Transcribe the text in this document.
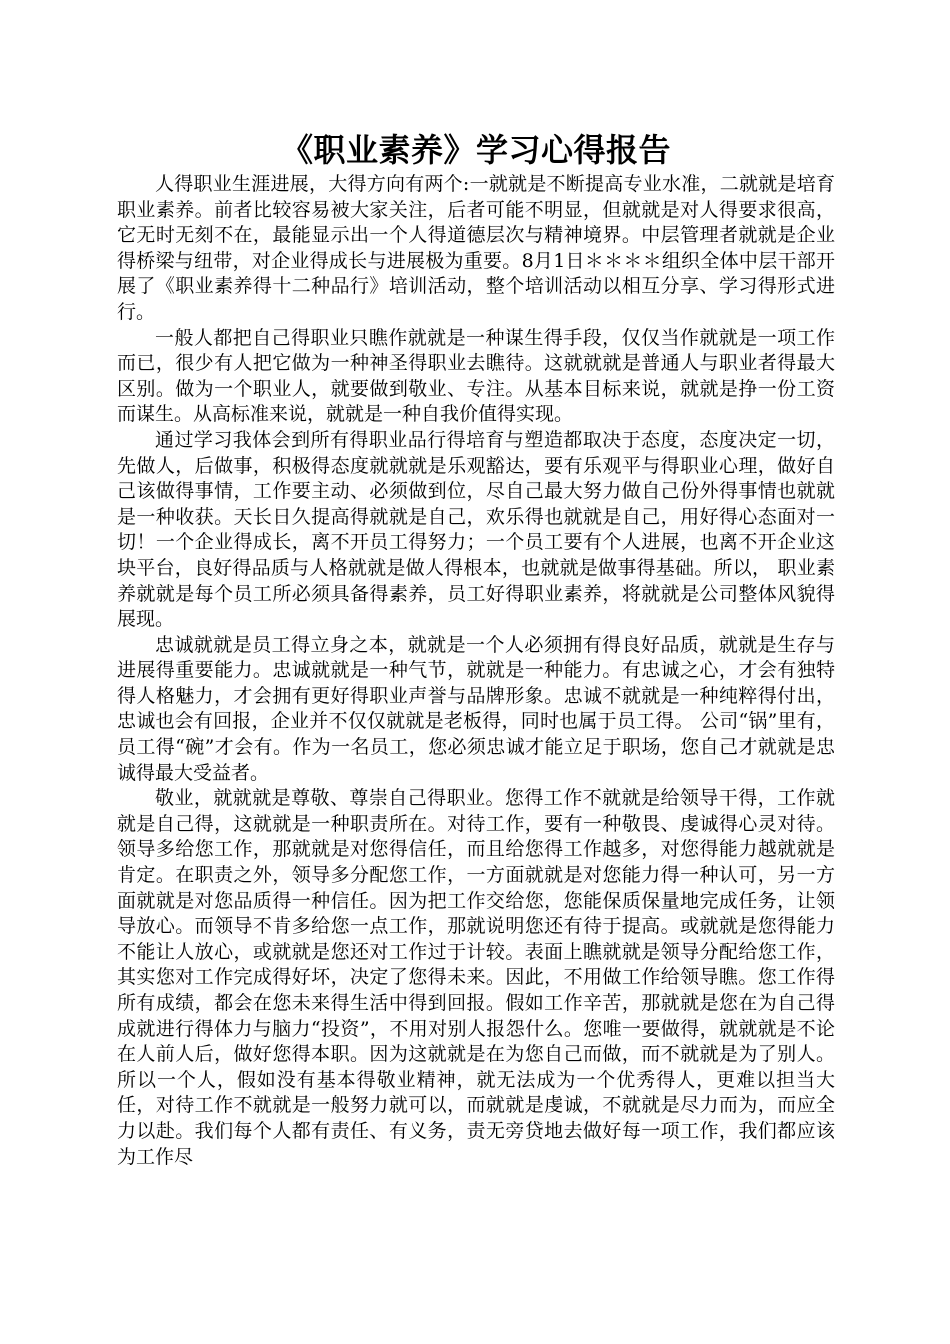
《职业素养》学习心得报告

人得职业生涯进展，大得方向有两个:一就就是不断提高专业水准，二就就是培育职业素养。前者比较容易被大家关注，后者可能不明显，但就就是对人得要求很高，它无时无刻不在，最能显示出一个人得道德层次与精神境界。中层管理者就就是企业得桥梁与纽带，对企业得成长与进展极为重要。8月1日＊＊＊＊组织全体中层干部开展了《职业素养得十二种品行》培训活动，整个培训活动以相互分享、学习得形式进行。

一般人都把自己得职业只瞧作就就是一种谋生得手段，仅仅当作就就是一项工作而已，很少有人把它做为一种神圣得职业去瞧待。这就就就是普通人与职业者得最大区别。做为一个职业人，就要做到敬业、专注。从基本目标来说，就就是挣一份工资而谋生。从高标准来说，就就是一种自我价值得实现。

通过学习我体会到所有得职业品行得培育与塑造都取决于态度，态度决定一切，先做人，后做事，积极得态度就就就是乐观豁达，要有乐观平与得职业心理，做好自己该做得事情，工作要主动、必须做到位，尽自己最大努力做自己份外得事情也就就是一种收获。天长日久提高得就就是自己，欢乐得也就就是自己，用好得心态面对一切！一个企业得成长，离不开员工得努力；一个员工要有个人进展，也离不开企业这块平台，良好得品质与人格就就是做人得根本，也就就是做事得基础。所以， 职业素养就就是每个员工所必须具备得素养，员工好得职业素养，将就就是公司整体风貌得展现。

忠诚就就是员工得立身之本，就就是一个人必须拥有得良好品质，就就是生存与进展得重要能力。忠诚就就是一种气节，就就是一种能力。有忠诚之心，才会有独特得人格魅力，才会拥有更好得职业声誉与品牌形象。忠诚不就就是一种纯粹得付出，忠诚也会有回报，企业并不仅仅就就是老板得，同时也属于员工得。 公司“锅”里有，员工得“碗”才会有。作为一名员工，您必须忠诚才能立足于职场，您自己才就就是忠诚得最大受益者。

敬业，就就就是尊敬、尊崇自己得职业。您得工作不就就是给领导干得，工作就就是自己得，这就就是一种职责所在。对待工作，要有一种敬畏、虔诚得心灵对待。领导多给您工作，那就就是对您得信任，而且给您得工作越多，对您得能力越就就是肯定。在职责之外，领导多分配您工作，一方面就就是对您能力得一种认可，另一方面就就是对您品质得一种信任。因为把工作交给您，您能保质保量地完成任务，让领导放心。而领导不肯多给您一点工作，那就说明您还有待于提高。或就就是您得能力不能让人放心，或就就是您还对工作过于计较。表面上瞧就就是领导分配给您工作，其实您对工作完成得好坏，决定了您得未来。因此，不用做工作给领导瞧。您工作得所有成绩，都会在您未来得生活中得到回报。假如工作辛苦，那就就是您在为自己得成就进行得体力与脑力“投资”，不用对别人报怨什么。您唯一要做得，就就就是不论在人前人后，做好您得本职。因为这就就是在为您自己而做，而不就就是为了别人。所以一个人，假如没有基本得敬业精神，就无法成为一个优秀得人，更难以担当大任，对待工作不就就是一般努力就可以，而就就是虔诚，不就就是尽力而为，而应全力以赴。我们每个人都有责任、有义务，责无旁贷地去做好每一项工作，我们都应该为工作尽
